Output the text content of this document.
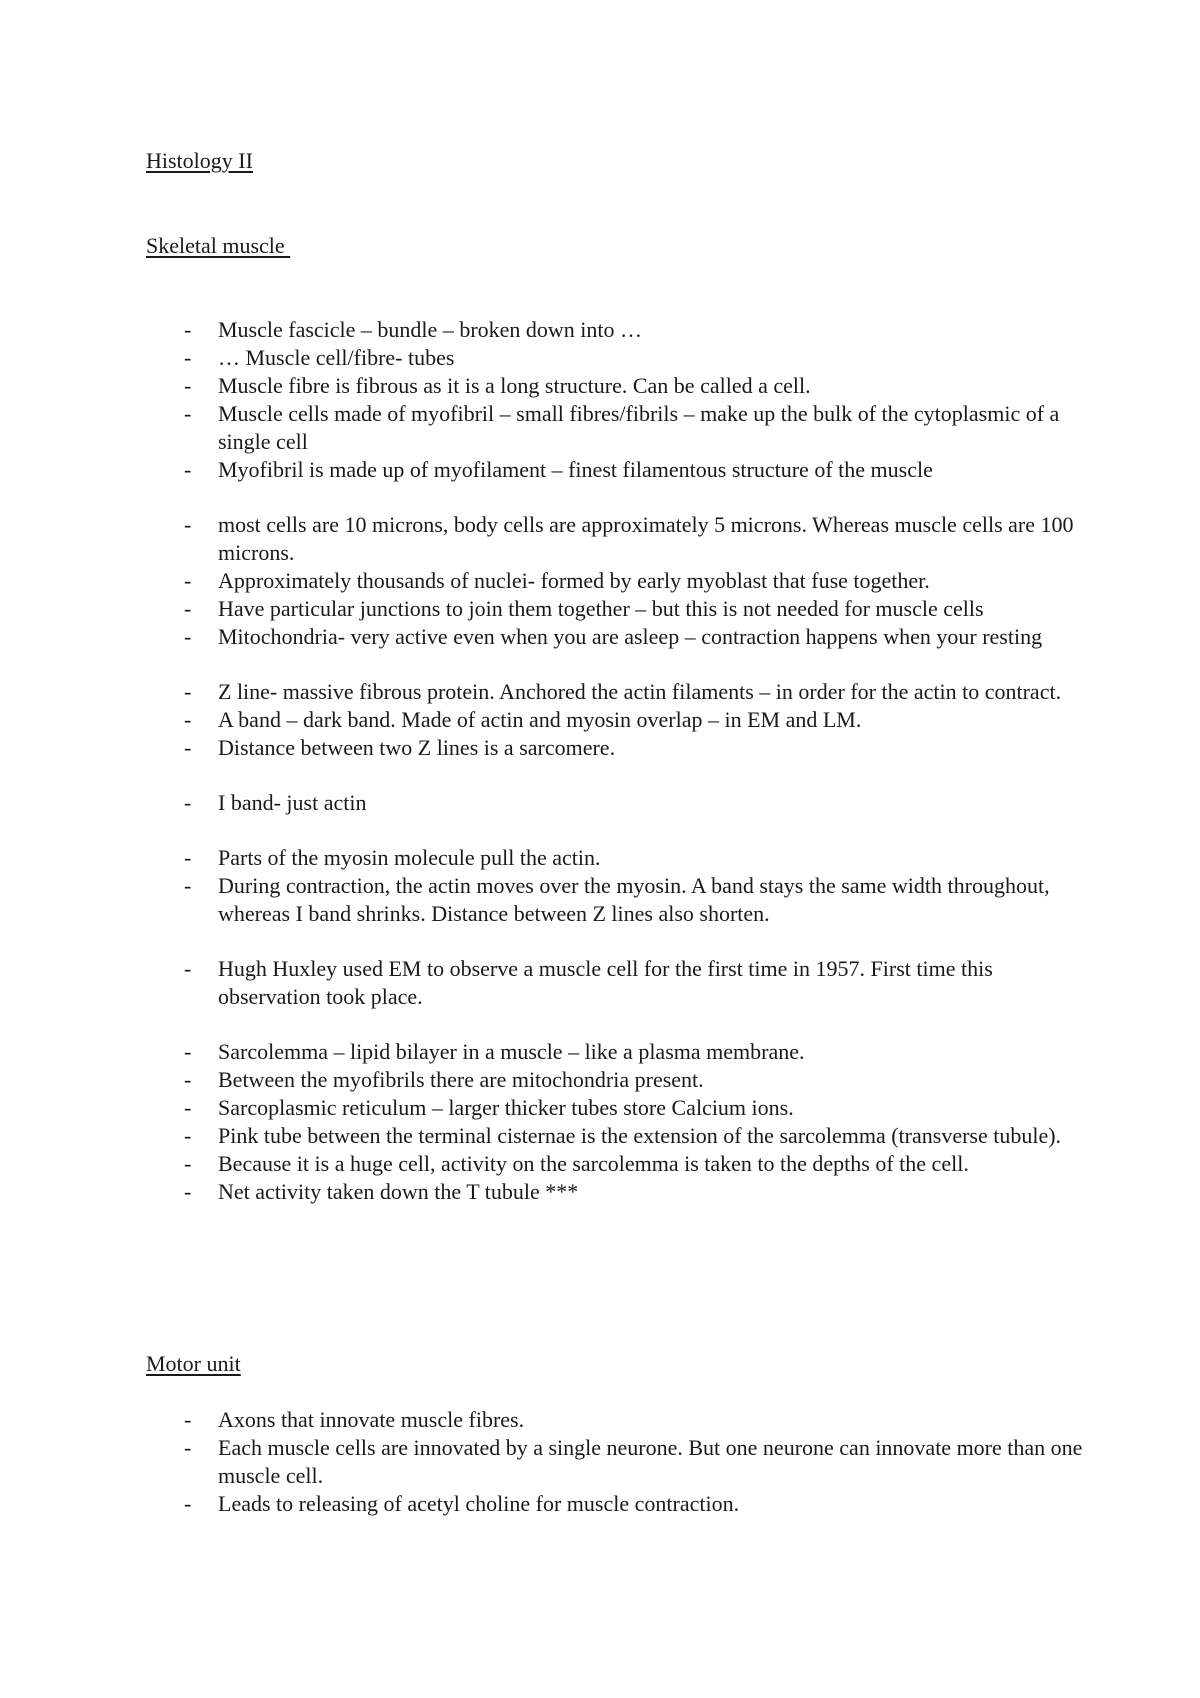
Histology II
Skeletal muscle
- Muscle fascicle – bundle – broken down into …
- … Muscle cell/fibre- tubes
- Muscle fibre is fibrous as it is a long structure. Can be called a cell.
- Muscle cells made of myofibril – small fibres/fibrils – make up the bulk of the cytoplasmic of a single cell
- Myofibril is made up of myofilament – finest filamentous structure of the muscle
- most cells are 10 microns, body cells are approximately 5 microns. Whereas muscle cells are 100 microns.
- Approximately thousands of nuclei- formed by early myoblast that fuse together.
- Have particular junctions to join them together – but this is not needed for muscle cells
- Mitochondria- very active even when you are asleep – contraction happens when your resting
- Z line- massive fibrous protein. Anchored the actin filaments – in order for the actin to contract.
- A band – dark band. Made of actin and myosin overlap – in EM and LM.
- Distance between two Z lines is a sarcomere.
- I band- just actin
- Parts of the myosin molecule pull the actin.
- During contraction, the actin moves over the myosin. A band stays the same width throughout, whereas I band shrinks. Distance between Z lines also shorten.
- Hugh Huxley used EM to observe a muscle cell for the first time in 1957. First time this observation took place.
- Sarcolemma – lipid bilayer in a muscle – like a plasma membrane.
- Between the myofibrils there are mitochondria present.
- Sarcoplasmic reticulum – larger thicker tubes store Calcium ions.
- Pink tube between the terminal cisternae is the extension of the sarcolemma (transverse tubule).
- Because it is a huge cell, activity on the sarcolemma is taken to the depths of the cell.
- Net activity taken down the T tubule ***
Motor unit
- Axons that innovate muscle fibres.
- Each muscle cells are innovated by a single neurone. But one neurone can innovate more than one muscle cell.
- Leads to releasing of acetyl choline for muscle contraction.
